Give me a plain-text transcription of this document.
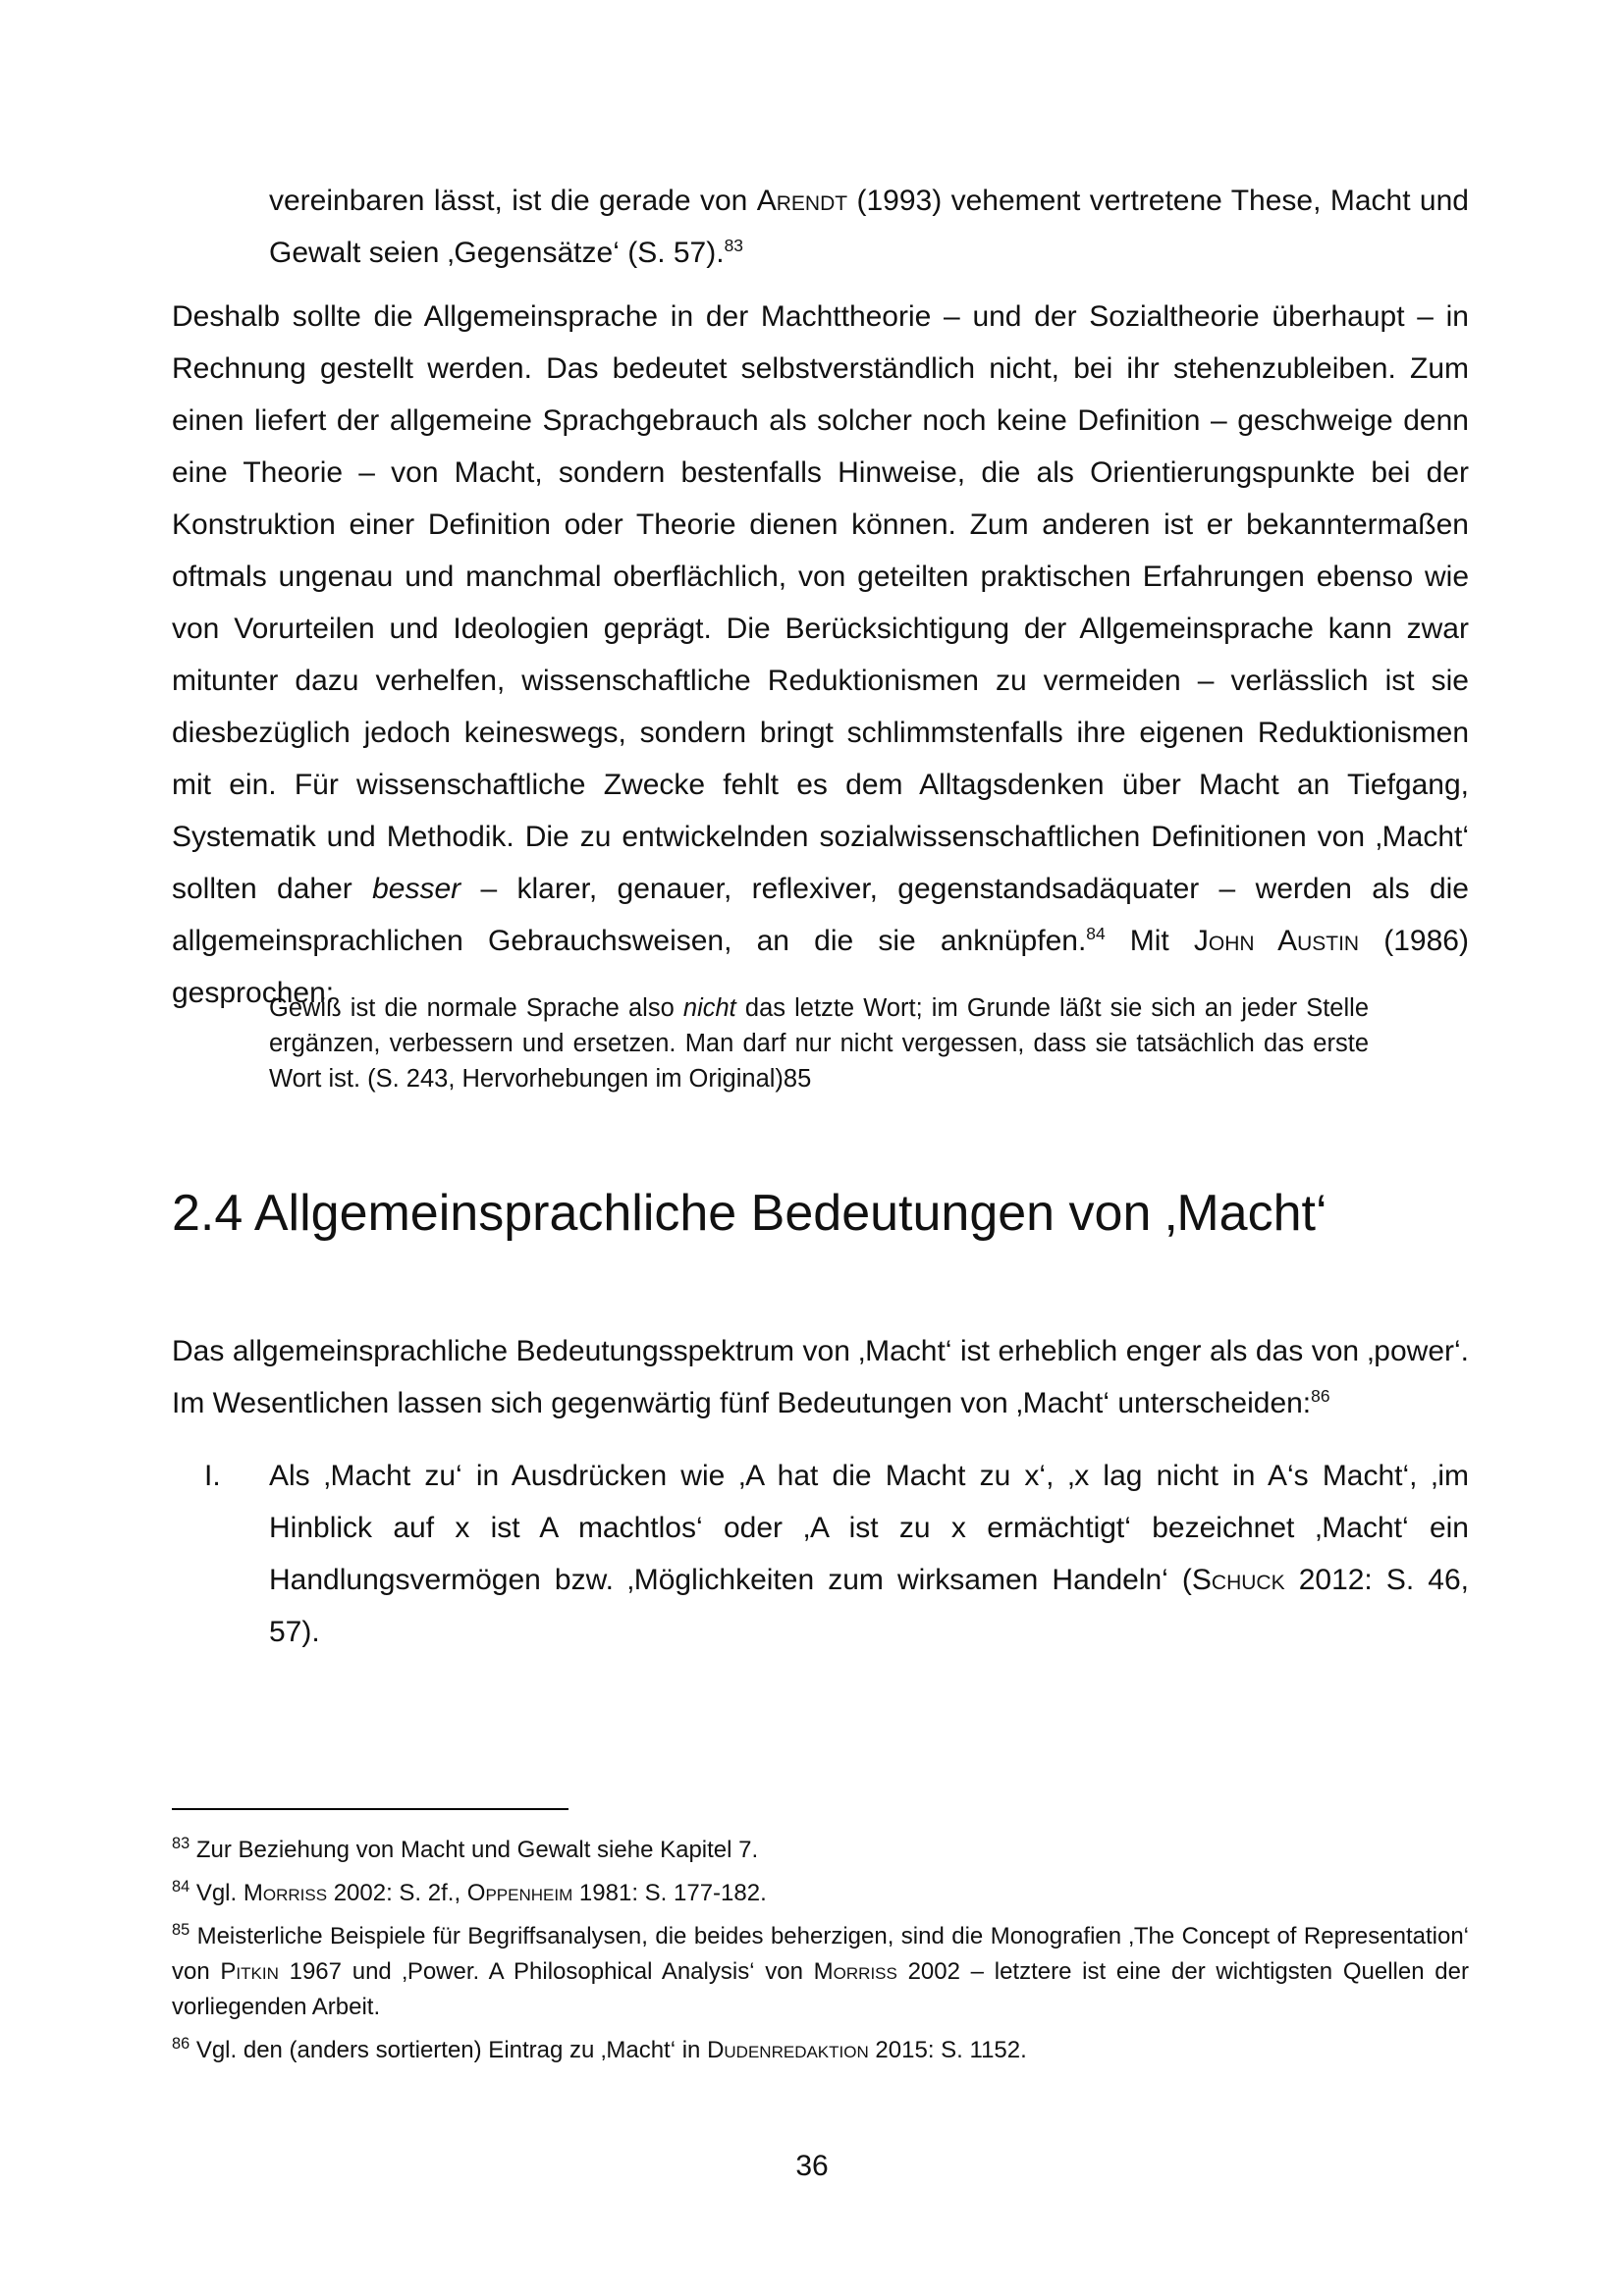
vereinbaren lässt, ist die gerade von Arendt (1993) vehement vertretene These, Macht und Gewalt seien ‚Gegensätze‘ (S. 57).$^{83}$

Deshalb sollte die Allgemeinsprache in der Machttheorie – und der Sozialtheorie überhaupt – in Rechnung gestellt werden. Das bedeutet selbstverständlich nicht, bei ihr stehenzubleiben. Zum einen liefert der allgemeine Sprachgebrauch als solcher noch keine Definition – geschweige denn eine Theorie – von Macht, sondern bestenfalls Hinweise, die als Orientierungspunkte bei der Konstruktion einer Definition oder Theorie dienen können. Zum anderen ist er bekanntermaßen oftmals ungenau und manchmal oberflächlich, von geteilten praktischen Erfahrungen ebenso wie von Vorurteilen und Ideologien geprägt. Die Berücksichtigung der Allgemeinsprache kann zwar mitunter dazu verhelfen, wissenschaftliche Reduktionismen zu vermeiden – verlässlich ist sie diesbezüglich jedoch keineswegs, sondern bringt schlimmstenfalls ihre eigenen Reduktionismen mit ein. Für wissenschaftliche Zwecke fehlt es dem Alltagsdenken über Macht an Tiefgang, Systematik und Methodik. Die zu entwickelnden sozialwissenschaftlichen Definitionen von ‚Macht‘ sollten daher besser – klarer, genauer, reflexiver, gegenstandsadäquater – werden als die allgemeinsprachlichen Gebrauchsweisen, an die sie anknüpfen.$^{84}$ Mit John Austin (1986) gesprochen:

Gewiß ist die normale Sprache also nicht das letzte Wort; im Grunde läßt sie sich an jeder Stelle ergänzen, verbessern und ersetzen. Man darf nur nicht vergessen, dass sie tatsächlich das erste Wort ist. (S. 243, Hervorhebungen im Original)85

2.4 Allgemeinsprachliche Bedeutungen von ‚Macht‘

Das allgemeinsprachliche Bedeutungsspektrum von ‚Macht‘ ist erheblich enger als das von ‚power‘. Im Wesentlichen lassen sich gegenwärtig fünf Bedeutungen von ‚Macht‘ unterscheiden:$^{86}$

I. Als ‚Macht zu‘ in Ausdrücken wie ‚A hat die Macht zu x‘, ‚x lag nicht in A‘s Macht‘, ‚im Hinblick auf x ist A machtlos‘ oder ‚A ist zu x ermächtigt‘ bezeichnet ‚Macht‘ ein Handlungsvermögen bzw. ‚Möglichkeiten zum wirksamen Handeln‘ (Schuck 2012: S. 46, 57).

$^{83}$ Zur Beziehung von Macht und Gewalt siehe Kapitel 7.

$^{84}$ Vgl. Morriss 2002: S. 2f., Oppenheim 1981: S. 177-182.

$^{85}$ Meisterliche Beispiele für Begriffsanalysen, die beides beherzigen, sind die Monografien ‚The Concept of Representation‘ von Pitkin 1967 und ‚Power. A Philosophical Analysis‘ von Morriss 2002 – letztere ist eine der wichtigsten Quellen der vorliegenden Arbeit.

$^{86}$ Vgl. den (anders sortierten) Eintrag zu ‚Macht‘ in Dudenredaktion 2015: S. 1152.

36
